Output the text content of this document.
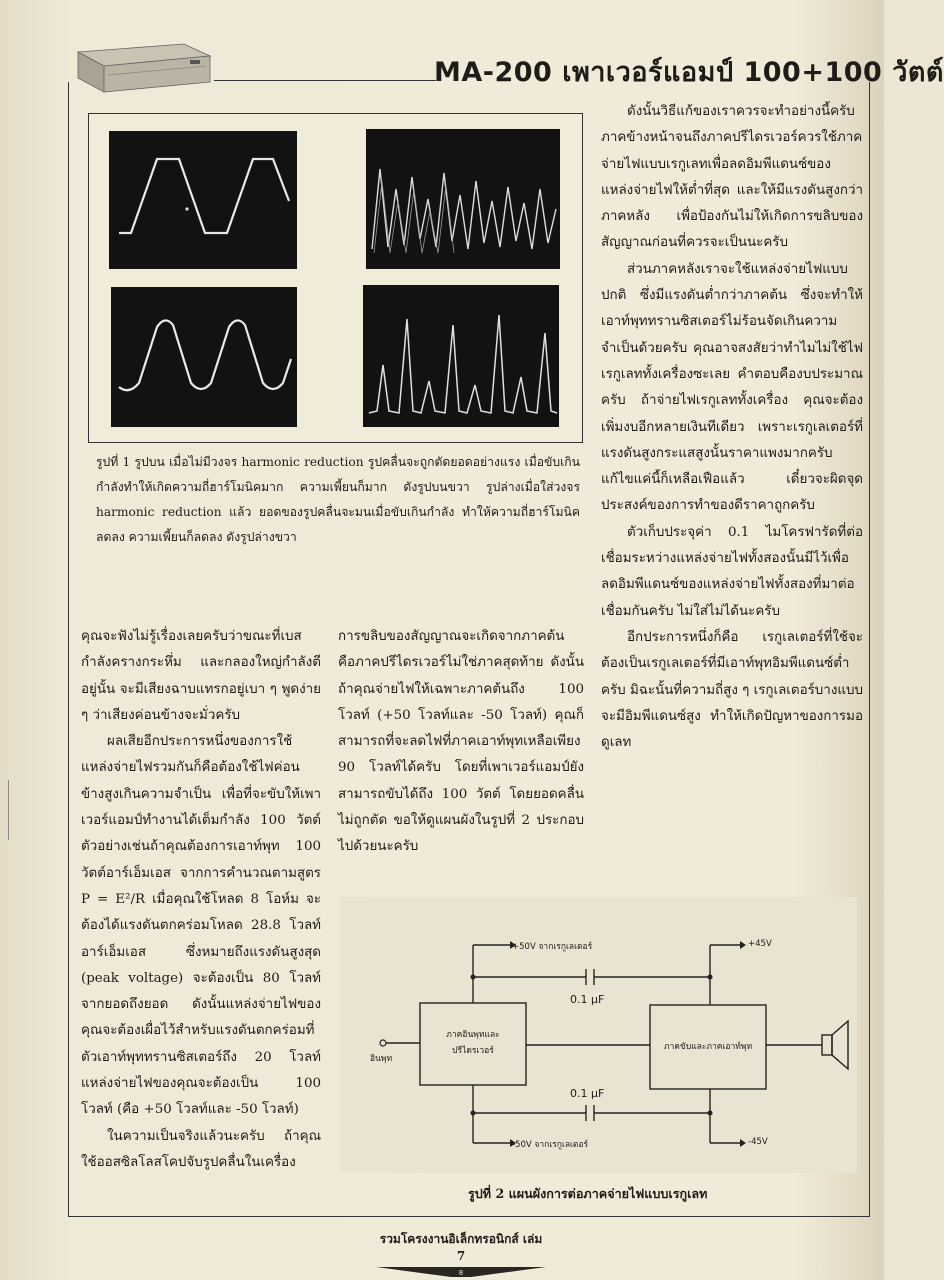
MA-200 เพาเวอร์แอมป์ 100+100 วัตต์
รูปที่ 1 รูปบน เมื่อไม่มีวงจร harmonic reduction รูปคลื่นจะถูกตัดยอดอย่างแรง เมื่อขับเกินกำลังทำให้เกิดความถี่ฮาร์โมนิคมาก ความเพี้ยนก็มาก ดังรูปบนขวา รูปล่างเมื่อใส่วงจร harmonic reduction แล้ว ยอดของรูปคลื่นจะมนเมื่อขับเกินกำลัง ทำให้ความถี่ฮาร์โมนิคลดลง ความเพี้ยนก็ลดลง ดังรูปล่างขวา

ดังนั้นวิธีแก้ของเราควรจะทำอย่างนี้ครับ ภาคข้างหน้าจนถึงภาคปรีไดรเวอร์ควรใช้ภาคจ่ายไฟแบบเรกูเลทเพื่อลดอิมพีแดนซ์ของแหล่งจ่ายไฟให้ต่ำที่สุด และให้มีแรงดันสูงกว่าภาคหลัง เพื่อป้องกันไม่ให้เกิดการขลิบของสัญญาณก่อนที่ควรจะเป็นนะครับ

ส่วนภาคหลังเราจะใช้แหล่งจ่ายไฟแบบปกติ ซึ่งมีแรงดันต่ำกว่าภาคต้น ซึ่งจะทำให้เอาท์พุททรานซิสเตอร์ไม่ร้อนจัดเกินความจำเป็นด้วยครับ คุณอาจสงสัยว่าทำไมไม่ใช้ไฟเรกูเลททั้งเครื่องซะเลย คำตอบคืองบประมาณครับ ถ้าจ่ายไฟเรกูเลททั้งเครื่อง คุณจะต้องเพิ่มงบอีกหลายเงินทีเดียว เพราะเรกูเลเตอร์ที่แรงดันสูงกระแสสูงนั้นราคาแพงมากครับ แก้ไขแค่นี้ก็เหลือเฟือแล้ว เดี๋ยวจะผิดจุดประสงค์ของการทำของดีราคาถูกครับ

ตัวเก็บประจุค่า 0.1 ไมโครฟารัดที่ต่อเชื่อมระหว่างแหล่งจ่ายไฟทั้งสองนั้นมีไว้เพื่อลดอิมพีแดนซ์ของแหล่งจ่ายไฟทั้งสองที่มาต่อเชื่อมกันครับ ไม่ใส่ไม่ได้นะครับ

อีกประการหนึ่งก็คือ เรกูเลเตอร์ที่ใช้จะต้องเป็นเรกูเลเตอร์ที่มีเอาท์พุทอิมพีแดนซ์ต่ำครับ มิฉะนั้นที่ความถี่สูง ๆ เรกูเลเตอร์บางแบบจะมีอิมพีแดนซ์สูง ทำให้เกิดปัญหาของการมอดูเลท

คุณจะฟังไม่รู้เรื่องเลยครับว่าขณะที่เบสกำลังครางกระหึ่ม และกลองใหญ่กำลังตีอยู่นั้น จะมีเสียงฉาบแทรกอยู่เบา ๆ พูดง่าย ๆ ว่าเสียงค่อนข้างจะมั่วครับ

ผลเสียอีกประการหนึ่งของการใช้แหล่งจ่ายไฟรวมกันก็คือต้องใช้ไฟค่อนข้างสูงเกินความจำเป็น เพื่อที่จะขับให้เพาเวอร์แอมป์ทำงานได้เต็มกำลัง 100 วัตต์ ตัวอย่างเช่นถ้าคุณต้องการเอาท์พุท 100 วัตต์อาร์เอ็มเอส จากการคำนวณตามสูตร P = E²/R เมื่อคุณใช้โหลด 8 โอห์ม จะต้องได้แรงดันตกคร่อมโหลด 28.8 โวลท์อาร์เอ็มเอส ซึ่งหมายถึงแรงดันสูงสุด (peak voltage) จะต้องเป็น 80 โวลท์จากยอดถึงยอด ดังนั้นแหล่งจ่ายไฟของคุณจะต้องเผื่อไว้สำหรับแรงดันตกคร่อมที่ตัวเอาท์พุททรานซิสเตอร์ถึง 20 โวลท์ แหล่งจ่ายไฟของคุณจะต้องเป็น 100 โวลท์ (คือ +50 โวลท์และ -50 โวลท์)

ในความเป็นจริงแล้วนะครับ ถ้าคุณใช้ออสซิลโลสโคปจับรูปคลื่นในเครื่อง

การขลิบของสัญญาณจะเกิดจากภาคต้น คือภาคปรีไดรเวอร์ไม่ใช่ภาคสุดท้าย ดังนั้นถ้าคุณจ่ายไฟให้เฉพาะภาคต้นถึง 100 โวลท์ (+50 โวลท์และ -50 โวลท์) คุณก็สามารถที่จะลดไฟที่ภาคเอาท์พุทเหลือเพียง 90 โวลท์ได้ครับ โดยที่เพาเวอร์แอมป์ยังสามารถขับได้ถึง 100 วัตต์ โดยยอดคลื่นไม่ถูกตัด ขอให้ดูแผนผังในรูปที่ 2 ประกอบไปด้วยนะครับ

+50V จากเรกูเลเตอร์
-50V จากเรกูเลเตอร์
+45V
-45V
0.1 µF
0.1 µF
ภาคอินพุทและ
ปรีไดรเวอร์	ภาคขับและภาคเอาท์พุท
อินพุท
รูปที่ 2 แผนผังการต่อภาคจ่ายไฟแบบเรกูเลท
รวมโครงงานอิเล็กทรอนิกส์ เล่ม 7
8
